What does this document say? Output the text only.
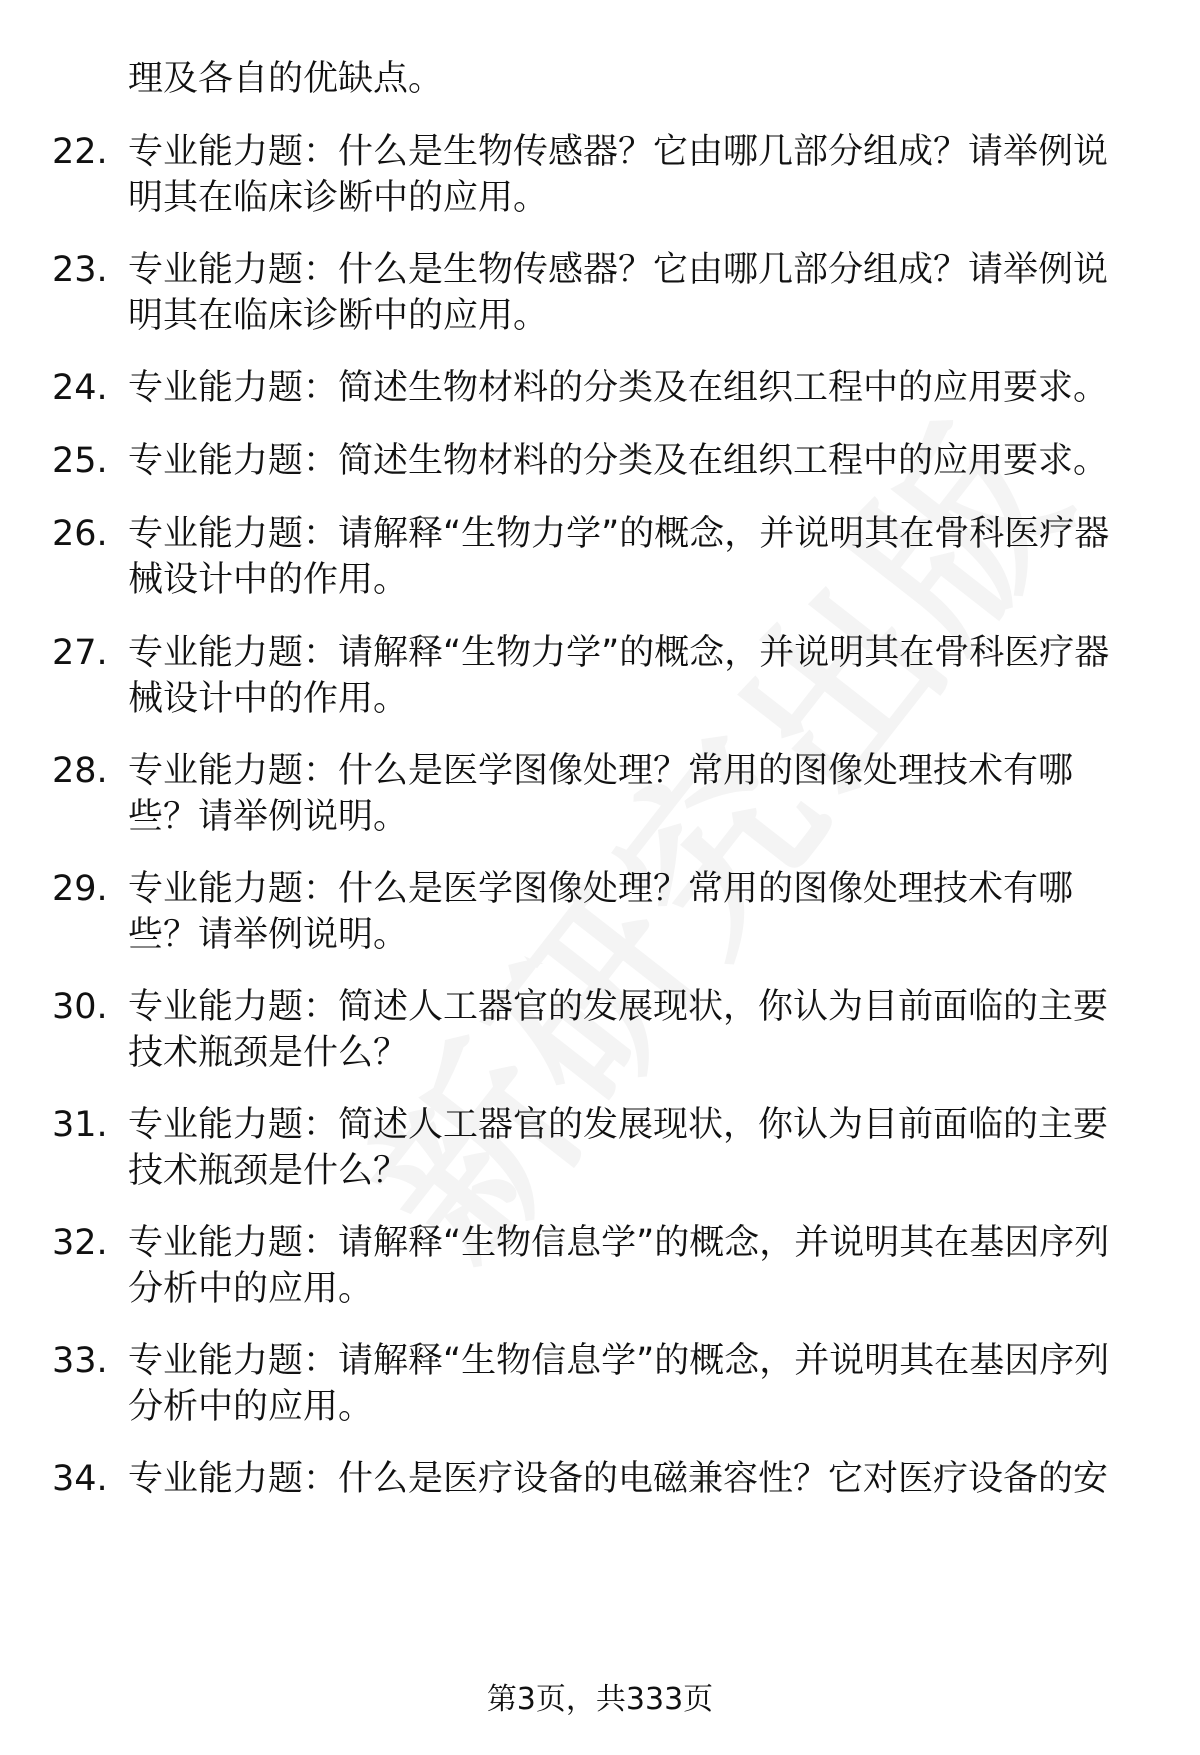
理及各自的优缺点。
22. 专业能力题：什么是生物传感器？它由哪几部分组成？请举例说明其在临床诊断中的应用。
23. 专业能力题：什么是生物传感器？它由哪几部分组成？请举例说明其在临床诊断中的应用。
24. 专业能力题：简述生物材料的分类及在组织工程中的应用要求。
25. 专业能力题：简述生物材料的分类及在组织工程中的应用要求。
26. 专业能力题：请解释“生物力学”的概念，并说明其在骨科医疗器械设计中的作用。
27. 专业能力题：请解释“生物力学”的概念，并说明其在骨科医疗器械设计中的作用。
28. 专业能力题：什么是医学图像处理？常用的图像处理技术有哪些？请举例说明。
29. 专业能力题：什么是医学图像处理？常用的图像处理技术有哪些？请举例说明。
30. 专业能力题：简述人工器官的发展现状，你认为目前面临的主要技术瓶颈是什么？
31. 专业能力题：简述人工器官的发展现状，你认为目前面临的主要技术瓶颈是什么？
32. 专业能力题：请解释“生物信息学”的概念，并说明其在基因序列分析中的应用。
33. 专业能力题：请解释“生物信息学”的概念，并说明其在基因序列分析中的应用。
34. 专业能力题：什么是医疗设备的电磁兼容性？它对医疗设备的安
第3页，共333页
